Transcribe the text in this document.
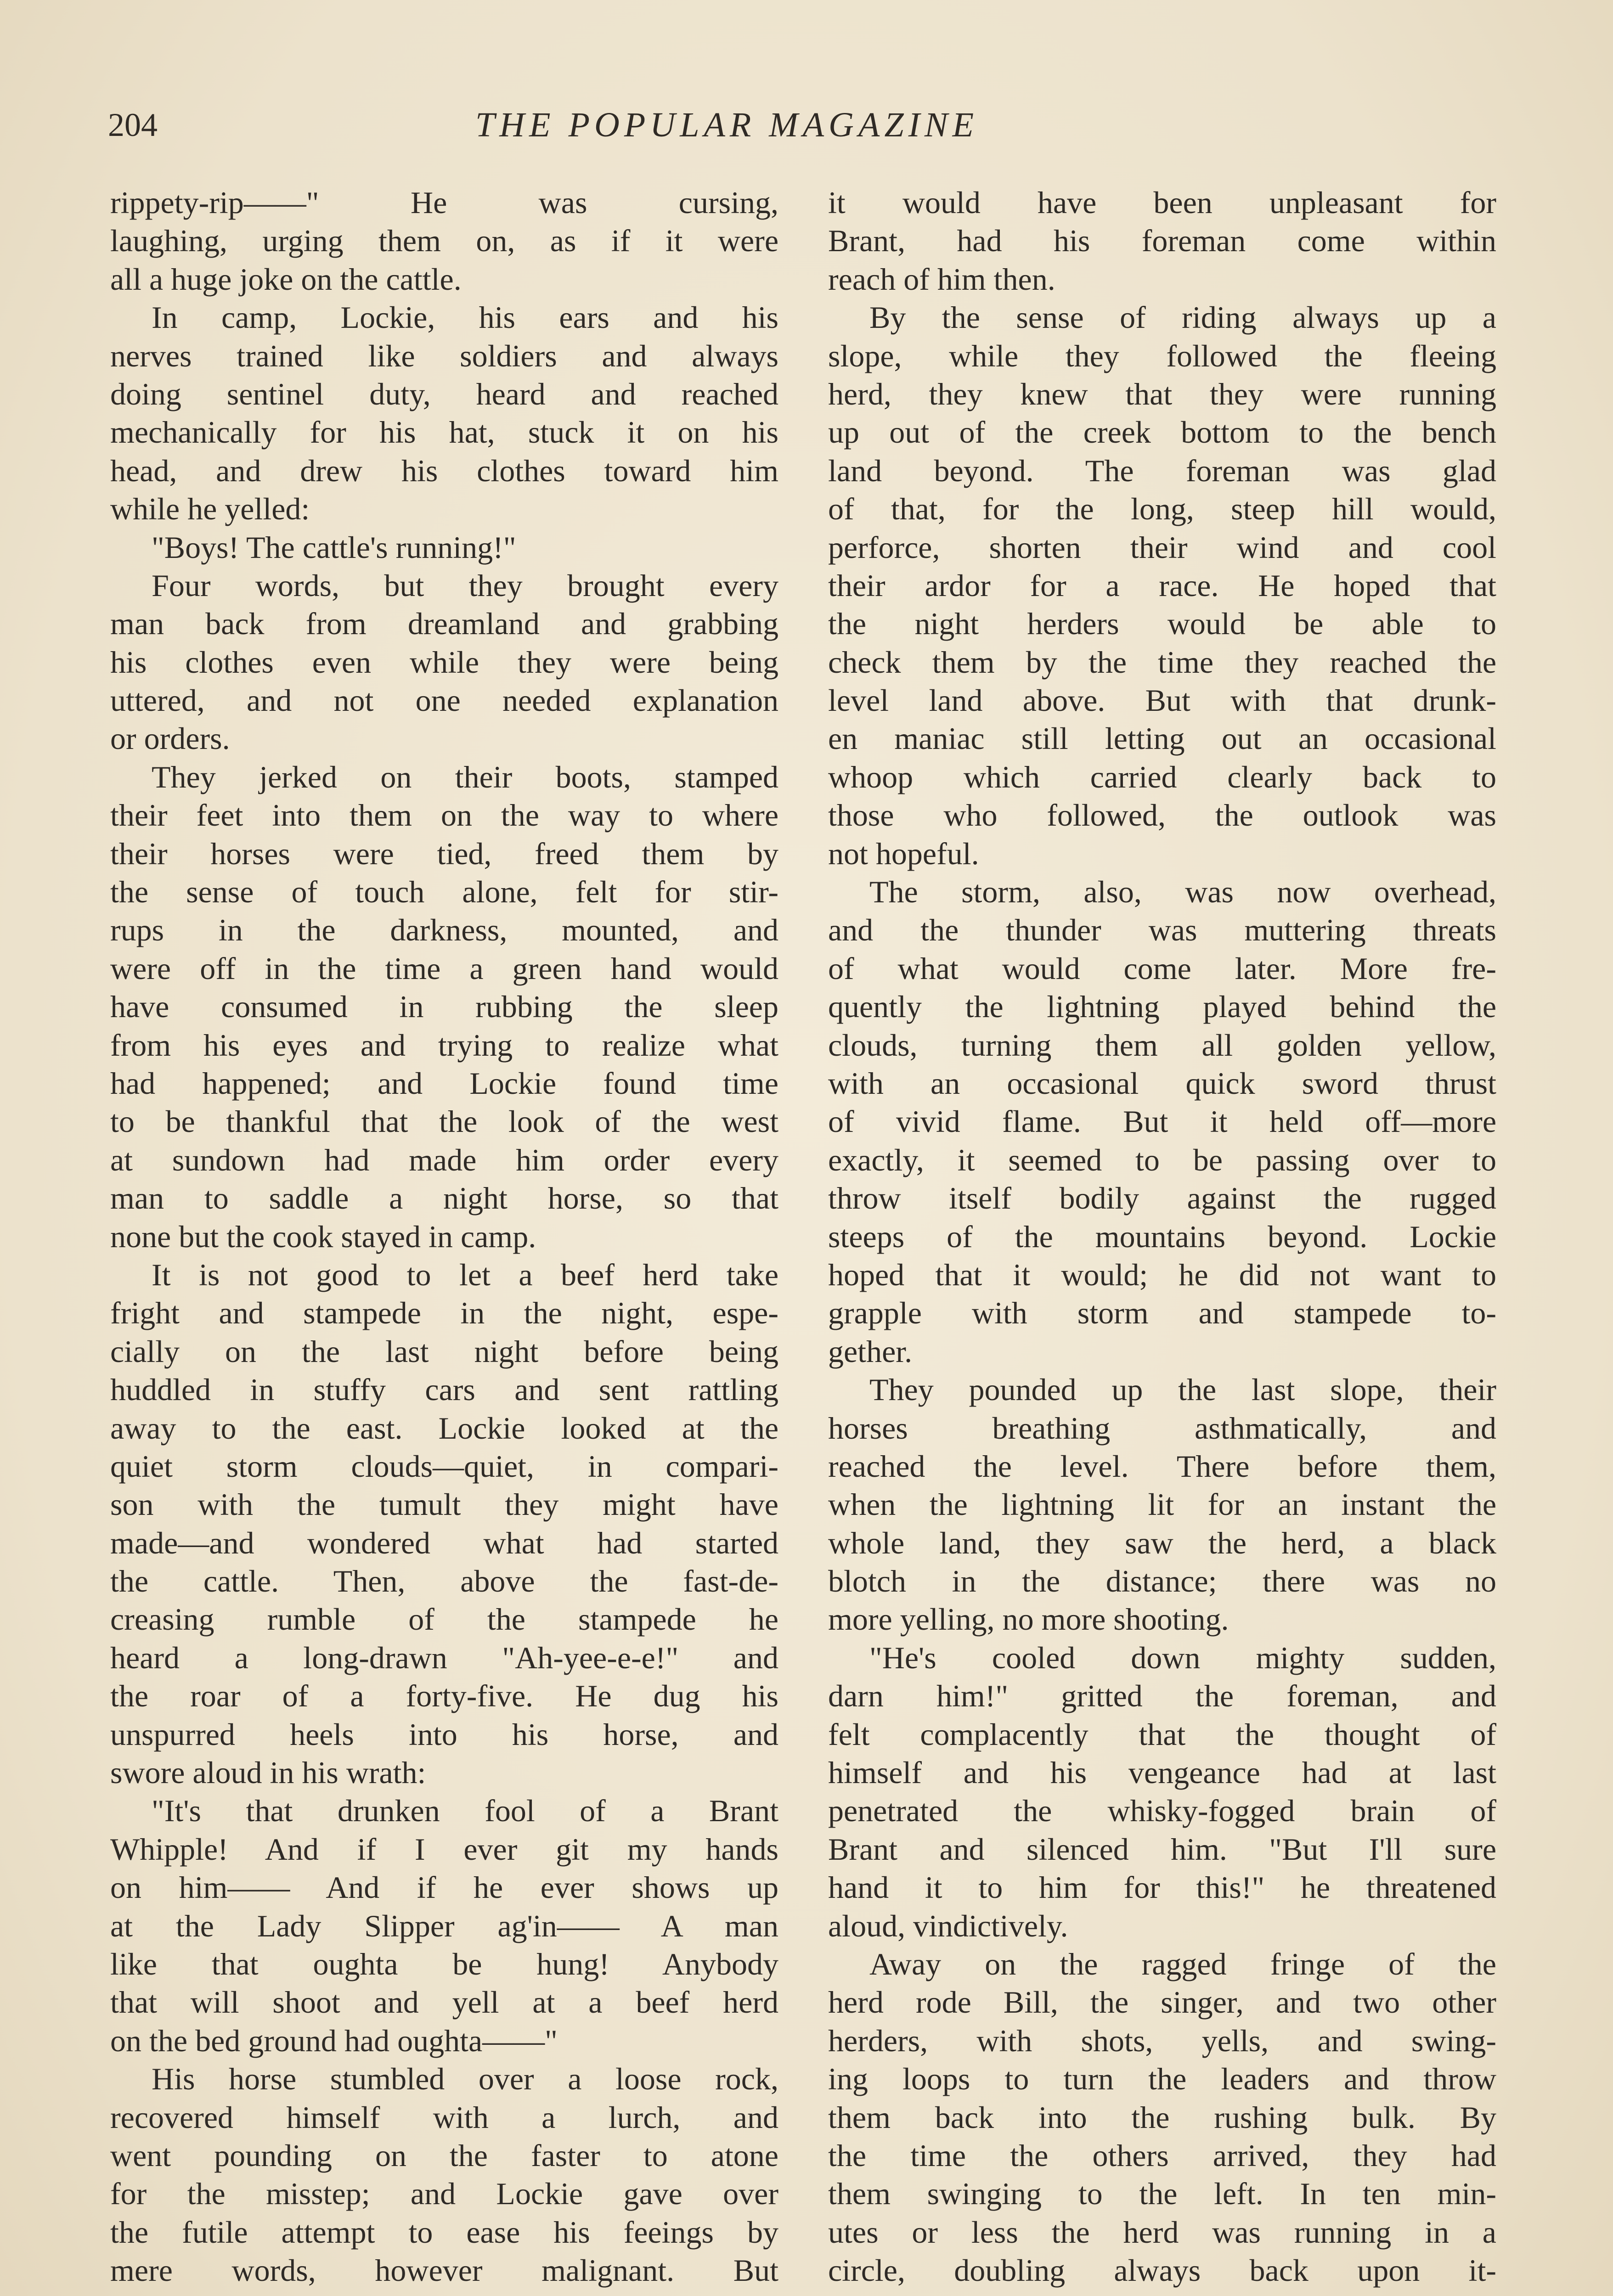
204	THE POPULAR MAGAZINE
rippety-rip——" He was cursing,
laughing, urging them on, as if it were
all a huge joke on the cattle.
In camp, Lockie, his ears and his
nerves trained like soldiers and always
doing sentinel duty, heard and reached
mechanically for his hat, stuck it on his
head, and drew his clothes toward him
while he yelled:
"Boys! The cattle's running!"
Four words, but they brought every
man back from dreamland and grabbing
his clothes even while they were being
uttered, and not one needed explanation
or orders.
They jerked on their boots, stamped
their feet into them on the way to where
their horses were tied, freed them by
the sense of touch alone, felt for stir-
rups in the darkness, mounted, and
were off in the time a green hand would
have consumed in rubbing the sleep
from his eyes and trying to realize what
had happened; and Lockie found time
to be thankful that the look of the west
at sundown had made him order every
man to saddle a night horse, so that
none but the cook stayed in camp.
It is not good to let a beef herd take
fright and stampede in the night, espe-
cially on the last night before being
huddled in stuffy cars and sent rattling
away to the east. Lockie looked at the
quiet storm clouds—quiet, in compari-
son with the tumult they might have
made—and wondered what had started
the cattle. Then, above the fast-de-
creasing rumble of the stampede he
heard a long-drawn "Ah-yee-e-e!" and
the roar of a forty-five. He dug his
unspurred heels into his horse, and
swore aloud in his wrath:
"It's that drunken fool of a Brant
Whipple! And if I ever git my hands
on him—— And if he ever shows up
at the Lady Slipper ag'in—— A man
like that oughta be hung! Anybody
that will shoot and yell at a beef herd
on the bed ground had oughta——"
His horse stumbled over a loose rock,
recovered himself with a lurch, and
went pounding on the faster to atone
for the misstep; and Lockie gave over
the futile attempt to ease his feeings by
mere words, however malignant. But
it would have been unpleasant for
Brant, had his foreman come within
reach of him then.
By the sense of riding always up a
slope, while they followed the fleeing
herd, they knew that they were running
up out of the creek bottom to the bench
land beyond. The foreman was glad
of that, for the long, steep hill would,
perforce, shorten their wind and cool
their ardor for a race. He hoped that
the night herders would be able to
check them by the time they reached the
level land above. But with that drunk-
en maniac still letting out an occasional
whoop which carried clearly back to
those who followed, the outlook was
not hopeful.
The storm, also, was now overhead,
and the thunder was muttering threats
of what would come later. More fre-
quently the lightning played behind the
clouds, turning them all golden yellow,
with an occasional quick sword thrust
of vivid flame. But it held off—more
exactly, it seemed to be passing over to
throw itself bodily against the rugged
steeps of the mountains beyond. Lockie
hoped that it would; he did not want to
grapple with storm and stampede to-
gether.
They pounded up the last slope, their
horses breathing asthmatically, and
reached the level. There before them,
when the lightning lit for an instant the
whole land, they saw the herd, a black
blotch in the distance; there was no
more yelling, no more shooting.
"He's cooled down mighty sudden,
darn him!" gritted the foreman, and
felt complacently that the thought of
himself and his vengeance had at last
penetrated the whisky-fogged brain of
Brant and silenced him. "But I'll sure
hand it to him for this!" he threatened
aloud, vindictively.
Away on the ragged fringe of the
herd rode Bill, the singer, and two other
herders, with shots, yells, and swing-
ing loops to turn the leaders and throw
them back into the rushing bulk. By
the time the others arrived, they had
them swinging to the left. In ten min-
utes or less the herd was running in a
circle, doubling always back upon it-
